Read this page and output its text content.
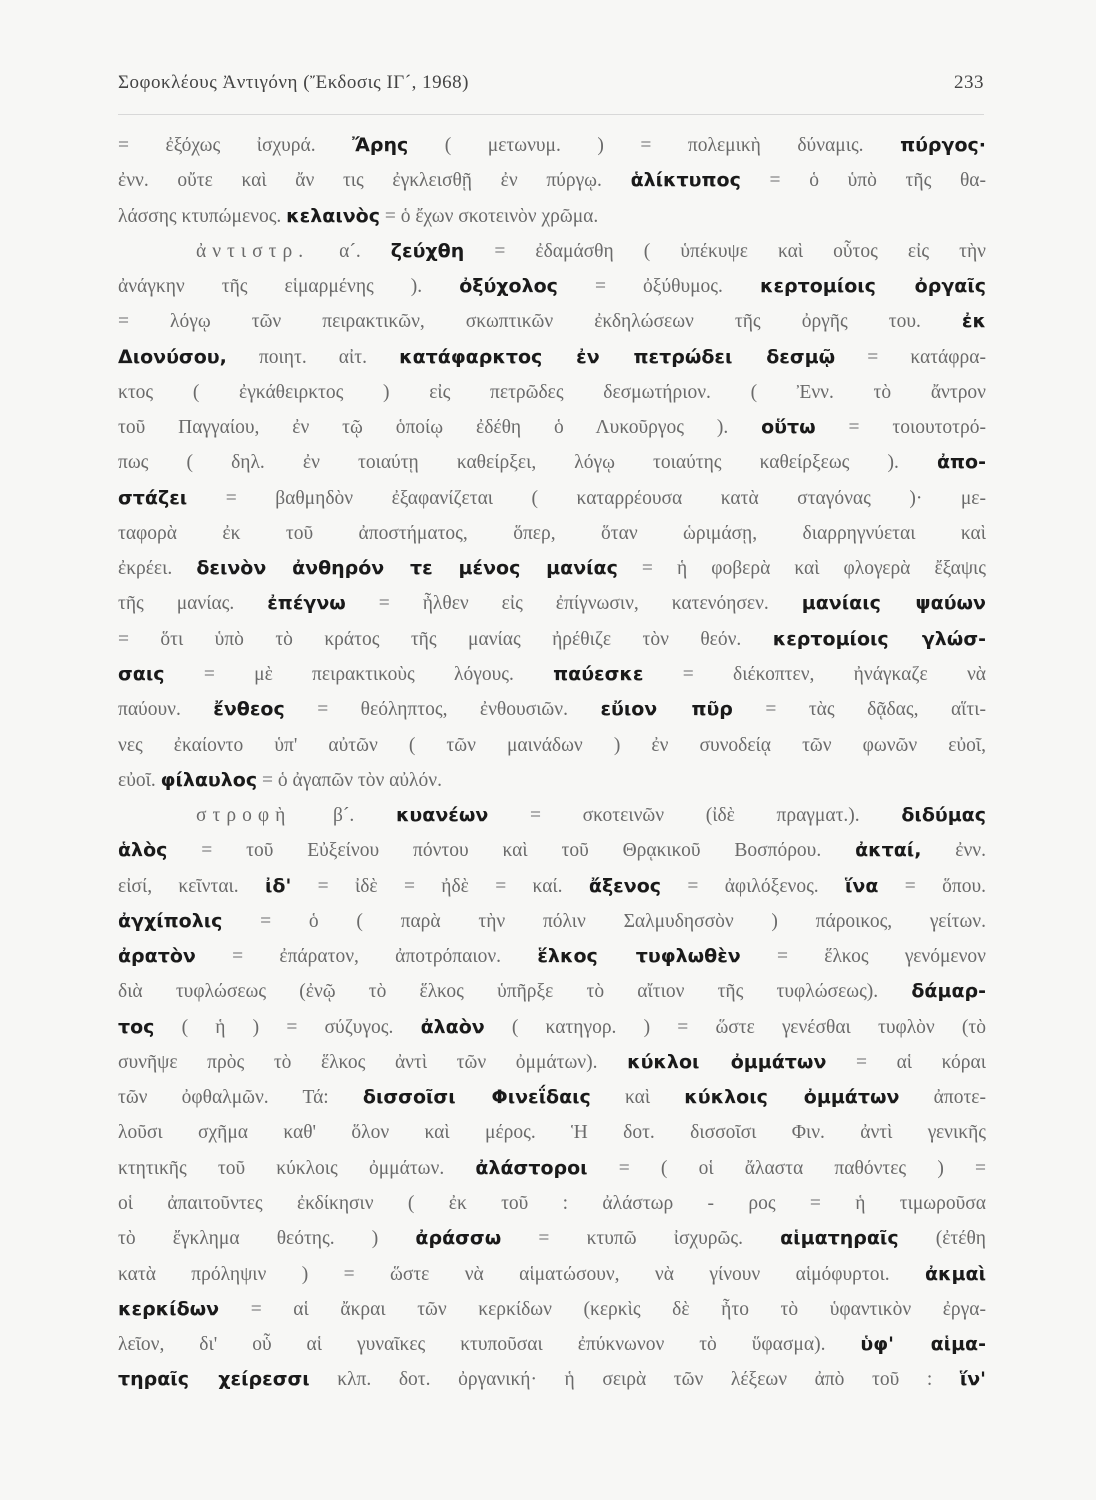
Σοφοκλέους Ἀντιγόνη (Ἔκδοσις ΙΓ´, 1968)	233
= ἐξόχως ἰσχυρά. Ἄρης ( μετωνυμ. ) = πολεμικὴ δύναμις. πύργος·
ἐνν. οὔτε καὶ ἄν τις ἐγκλεισθῇ ἐν πύργῳ. ἁλίκτυπος = ὁ ὑπὸ τῆς θα-
λάσσης κτυπώμενος. κελαινὸς = ὁ ἔχων σκοτεινὸν χρῶμα.
ἀντιστρ. α´. ζεύχθη = ἐδαμάσθη ( ὑπέκυψε καὶ οὗτος εἰς τὴν
ἀνάγκην τῆς εἱμαρμένης ). ὀξύχολος = ὀξύθυμος. κερτομίοις ὀργαῖς
= λόγῳ τῶν πειρακτικῶν, σκωπτικῶν ἐκδηλώσεων τῆς ὀργῆς του. ἐκ
Διονύσου, ποιητ. αἰτ. κατάφαρκτος ἐν πετρώδει δεσμῷ = κατάφρα-
κτος ( ἐγκάθειρκτος ) εἰς πετρῶδες δεσμωτήριον. ( Ἐνν. τὸ ἄντρον
τοῦ Παγγαίου, ἐν τῷ ὁποίῳ ἐδέθη ὁ Λυκοῦργος ). οὕτω = τοιουτοτρό-
πως ( δηλ. ἐν τοιαύτῃ καθείρξει, λόγῳ τοιαύτης καθείρξεως ). ἀπο-
στάζει = βαθμηδὸν ἐξαφανίζεται ( καταρρέουσα κατὰ σταγόνας )· με-
ταφορὰ ἐκ τοῦ ἀποστήματος, ὅπερ, ὅταν ὡριμάσῃ, διαρρηγνύεται καὶ
ἐκρέει. δεινὸν ἀνθηρόν τε μένος μανίας = ἡ φοβερὰ καὶ φλογερὰ ἔξαψις
τῆς μανίας. ἐπέγνω = ἦλθεν εἰς ἐπίγνωσιν, κατενόησεν. μανίαις ψαύων
= ὅτι ὑπὸ τὸ κράτος τῆς μανίας ἠρέθιζε τὸν θεόν. κερτομίοις γλώσ-
σαις = μὲ πειρακτικοὺς λόγους. παύεσκε = διέκοπτεν, ἠνάγκαζε νὰ
παύουν. ἔνθεος = θεόληπτος, ἐνθουσιῶν. εὔιον πῦρ = τὰς δᾷδας, αἵτι-
νες ἐκαίοντο ὑπ' αὐτῶν ( τῶν μαινάδων ) ἐν συνοδείᾳ τῶν φωνῶν εὐοῖ,
εὐοῖ. φίλαυλος = ὁ ἀγαπῶν τὸν αὐλόν.
στροφὴ β´. κυανέων = σκοτεινῶν (ἰδὲ πραγματ.). διδύμας
ἁλὸς = τοῦ Εὐξείνου πόντου καὶ τοῦ Θρᾳκικοῦ Βοσπόρου. ἀκταί, ἐνν.
εἰσί, κεῖνται. ἰδ' = ἰδὲ = ἠδὲ = καί. ἄξενος = ἀφιλόξενος. ἵνα = ὅπου.
ἀγχίπολις = ὁ ( παρὰ τὴν πόλιν Σαλμυδησσὸν ) πάροικος, γείτων.
ἀρατὸν = ἐπάρατον, ἀποτρόπαιον. ἕλκος τυφλωθὲν = ἕλκος γενόμενον
διὰ τυφλώσεως (ἐνῷ τὸ ἕλκος ὑπῆρξε τὸ αἴτιον τῆς τυφλώσεως). δάμαρ-
τος ( ἡ ) = σύζυγος. ἀλαὸν ( κατηγορ. ) = ὥστε γενέσθαι τυφλὸν (τὸ
συνῆψε πρὸς τὸ ἕλκος ἀντὶ τῶν ὀμμάτων). κύκλοι ὀμμάτων = αἱ κόραι
τῶν ὀφθαλμῶν. Τά: δισσοῖσι Φινεΐδαις καὶ κύκλοις ὀμμάτων ἀποτε-
λοῦσι σχῆμα καθ' ὅλον καὶ μέρος. Ἡ δοτ. δισσοῖσι Φιν. ἀντὶ γενικῆς
κτητικῆς τοῦ κύκλοις ὀμμάτων. ἀλάστοροι = ( οἱ ἄλαστα παθόντες ) =
οἱ ἀπαιτοῦντες ἐκδίκησιν ( ἐκ τοῦ : ἀλάστωρ - ρος = ἡ τιμωροῦσα
τὸ ἔγκλημα θεότης. ) ἀράσσω = κτυπῶ ἰσχυρῶς. αἱματηραῖς (ἐτέθη
κατὰ πρόληψιν ) = ὥστε νὰ αἱματώσουν, νὰ γίνουν αἱμόφυρτοι. ἀκμαὶ
κερκίδων = αἱ ἄκραι τῶν κερκίδων (κερκὶς δὲ ἦτο τὸ ὑφαντικὸν ἐργα-
λεῖον, δι' οὗ αἱ γυναῖκες κτυποῦσαι ἐπύκνωνον τὸ ὕφασμα). ὑφ' αἱμα-
τηραῖς χείρεσσι κλπ. δοτ. ὀργανική· ἡ σειρὰ τῶν λέξεων ἀπὸ τοῦ : ἵν'
